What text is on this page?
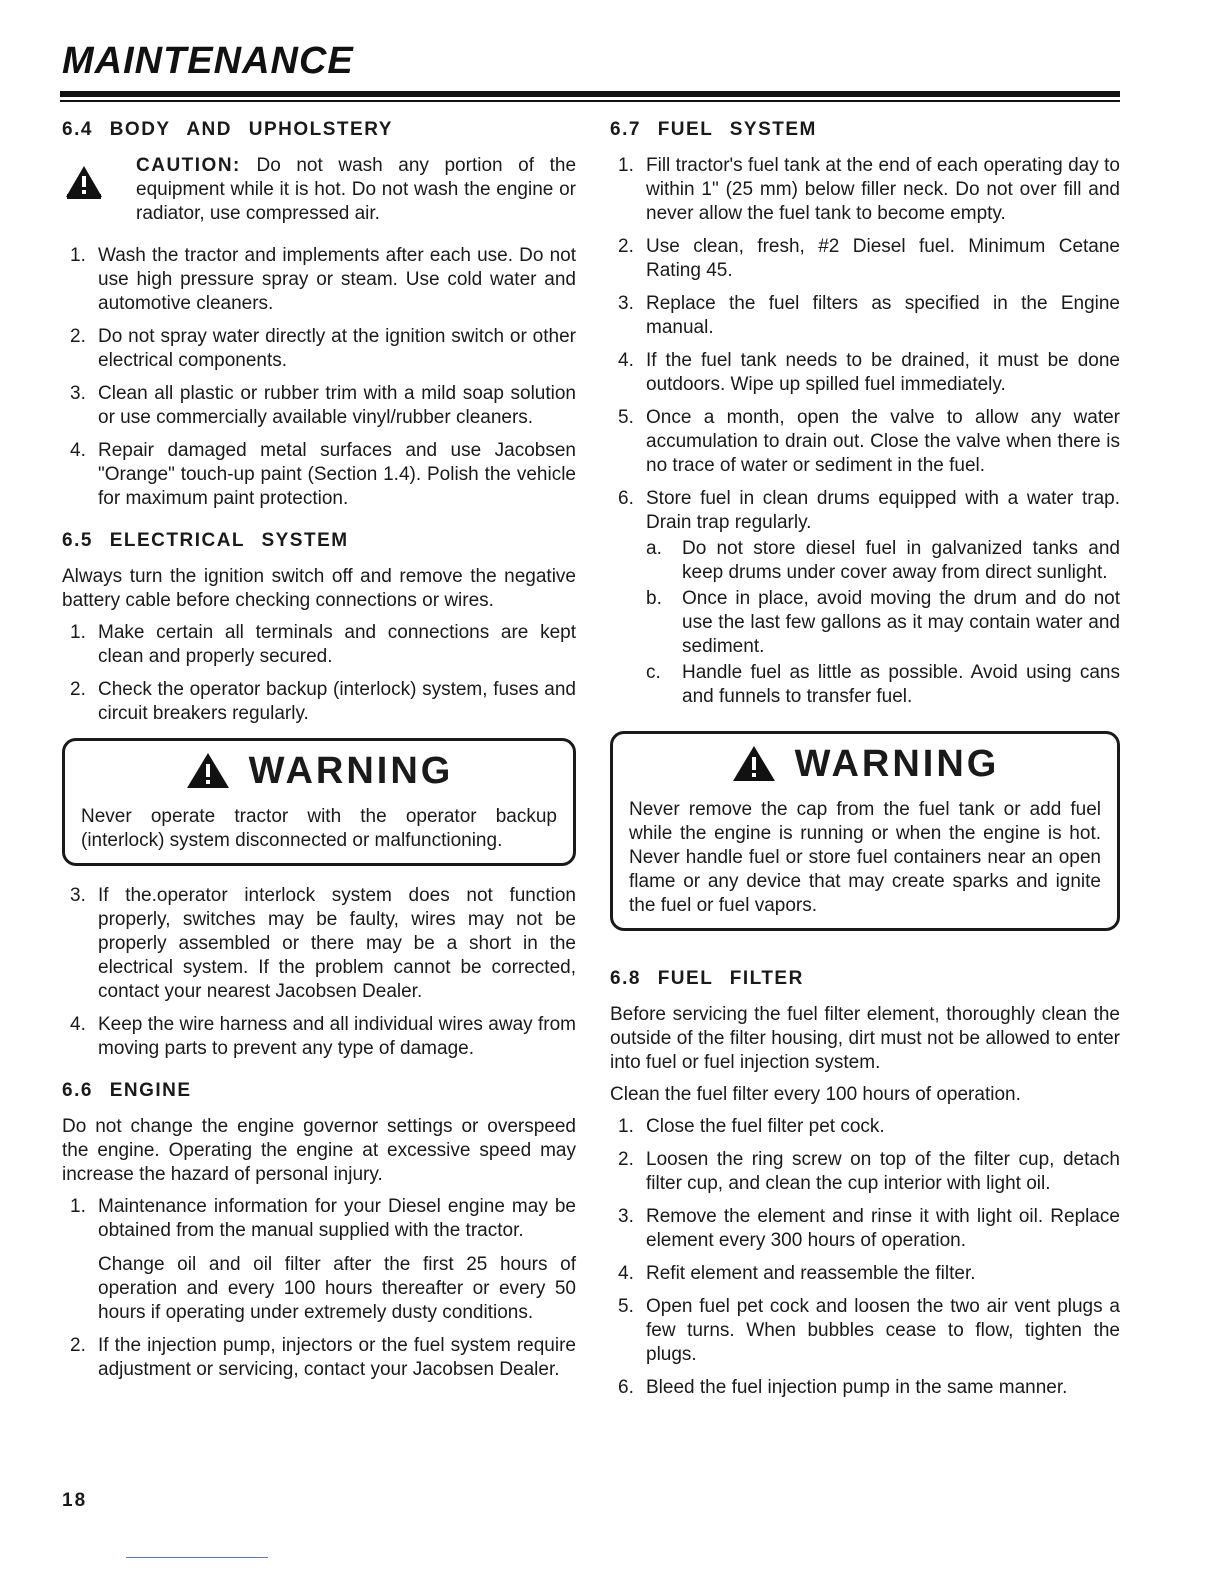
MAINTENANCE
6.4 BODY AND UPHOLSTERY
CAUTION: Do not wash any portion of the equipment while it is hot. Do not wash the engine or radiator, use compressed air.
1. Wash the tractor and implements after each use. Do not use high pressure spray or steam. Use cold water and automotive cleaners.
2. Do not spray water directly at the ignition switch or other electrical components.
3. Clean all plastic or rubber trim with a mild soap solution or use commercially available vinyl/rubber cleaners.
4. Repair damaged metal surfaces and use Jacobsen "Orange" touch-up paint (Section 1.4). Polish the vehicle for maximum paint protection.
6.5 ELECTRICAL SYSTEM
Always turn the ignition switch off and remove the negative battery cable before checking connections or wires.
1. Make certain all terminals and connections are kept clean and properly secured.
2. Check the operator backup (interlock) system, fuses and circuit breakers regularly.
WARNING
Never operate tractor with the operator backup (interlock) system disconnected or malfunctioning.
3. If the.operator interlock system does not function properly, switches may be faulty, wires may not be properly assembled or there may be a short in the electrical system. If the problem cannot be corrected, contact your nearest Jacobsen Dealer.
4. Keep the wire harness and all individual wires away from moving parts to prevent any type of damage.
6.6 ENGINE
Do not change the engine governor settings or overspeed the engine. Operating the engine at excessive speed may increase the hazard of personal injury.
1. Maintenance information for your Diesel engine may be obtained from the manual supplied with the tractor.
Change oil and oil filter after the first 25 hours of operation and every 100 hours thereafter or every 50 hours if operating under extremely dusty conditions.
2. If the injection pump, injectors or the fuel system require adjustment or servicing, contact your Jacobsen Dealer.
6.7 FUEL SYSTEM
1. Fill tractor's fuel tank at the end of each operating day to within 1" (25 mm) below filler neck. Do not over fill and never allow the fuel tank to become empty.
2. Use clean, fresh, #2 Diesel fuel. Minimum Cetane Rating 45.
3. Replace the fuel filters as specified in the Engine manual.
4. If the fuel tank needs to be drained, it must be done outdoors. Wipe up spilled fuel immediately.
5. Once a month, open the valve to allow any water accumulation to drain out. Close the valve when there is no trace of water or sediment in the fuel.
6. Store fuel in clean drums equipped with a water trap. Drain trap regularly.
a. Do not store diesel fuel in galvanized tanks and keep drums under cover away from direct sunlight.
b. Once in place, avoid moving the drum and do not use the last few gallons as it may contain water and sediment.
c. Handle fuel as little as possible. Avoid using cans and funnels to transfer fuel.
WARNING
Never remove the cap from the fuel tank or add fuel while the engine is running or when the engine is hot. Never handle fuel or store fuel containers near an open flame or any device that may create sparks and ignite the fuel or fuel vapors.
6.8 FUEL FILTER
Before servicing the fuel filter element, thoroughly clean the outside of the filter housing, dirt must not be allowed to enter into fuel or fuel injection system.
Clean the fuel filter every 100 hours of operation.
1. Close the fuel filter pet cock.
2. Loosen the ring screw on top of the filter cup, detach filter cup, and clean the cup interior with light oil.
3. Remove the element and rinse it with light oil. Replace element every 300 hours of operation.
4. Refit element and reassemble the filter.
5. Open fuel pet cock and loosen the two air vent plugs a few turns. When bubbles cease to flow, tighten the plugs.
6. Bleed the fuel injection pump in the same manner.
18
